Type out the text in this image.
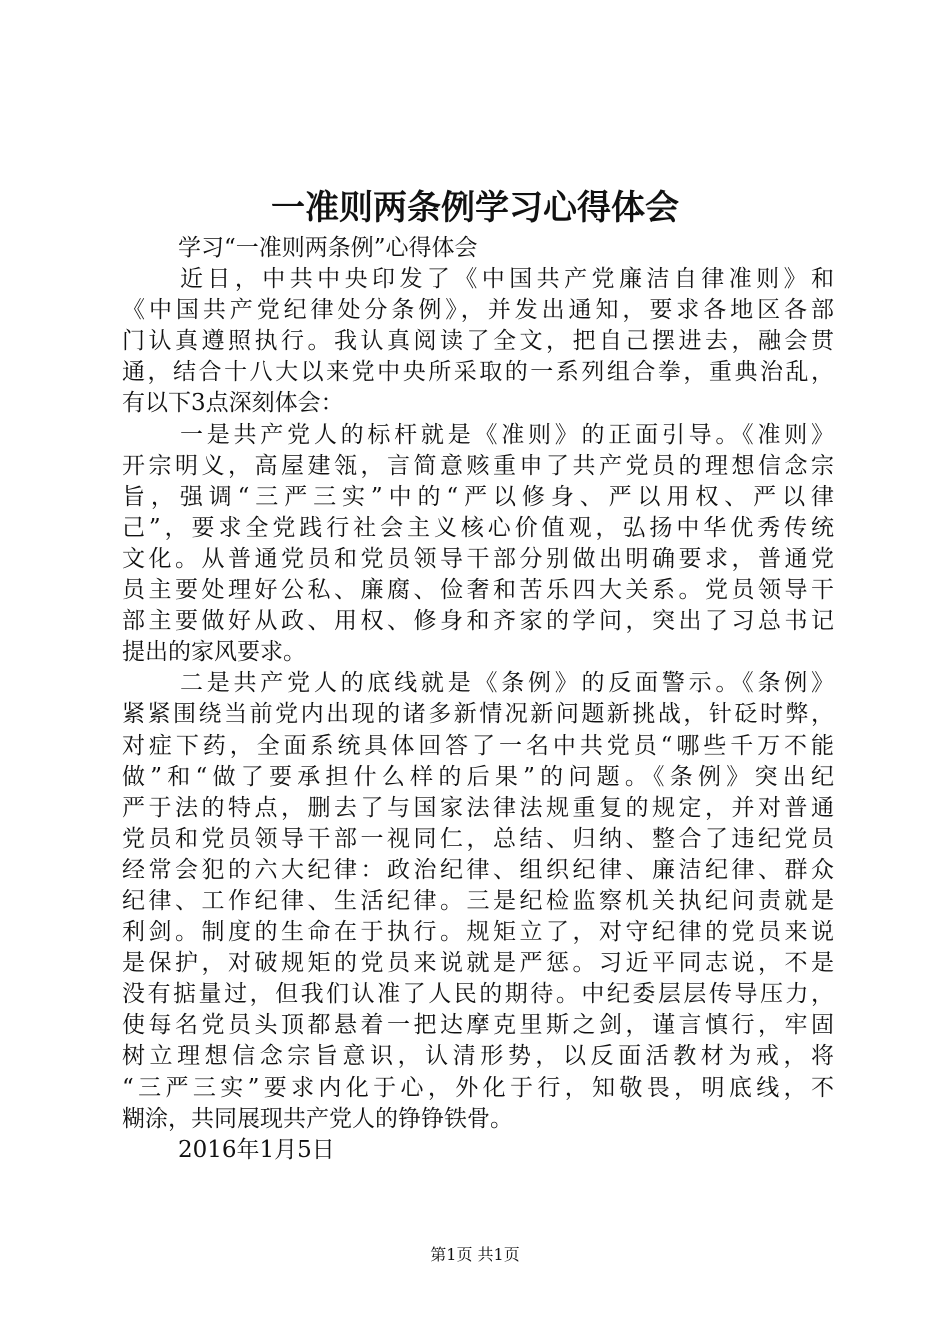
一准则两条例学习心得体会
学习“一准则两条例”心得体会
近日，中共中央印发了《中国共产党廉洁自律准则》和
《中国共产党纪律处分条例》，并发出通知，要求各地区各部
门认真遵照执行。我认真阅读了全文，把自己摆进去，融会贯
通，结合十八大以来党中央所采取的一系列组合拳，重典治乱，
有以下3点深刻体会：
一是共产党人的标杆就是《准则》的正面引导。《准则》
开宗明义，高屋建瓴，言简意赅重申了共产党员的理想信念宗
旨，强调“三严三实”中的“严以修身、严以用权、严以律
己”，要求全党践行社会主义核心价值观，弘扬中华优秀传统
文化。从普通党员和党员领导干部分别做出明确要求，普通党
员主要处理好公私、廉腐、俭奢和苦乐四大关系。党员领导干
部主要做好从政、用权、修身和齐家的学问，突出了习总书记
提出的家风要求。
二是共产党人的底线就是《条例》的反面警示。《条例》
紧紧围绕当前党内出现的诸多新情况新问题新挑战，针砭时弊，
对症下药，全面系统具体回答了一名中共党员“哪些千万不能
做”和“做了要承担什么样的后果”的问题。《条例》突出纪
严于法的特点，删去了与国家法律法规重复的规定，并对普通
党员和党员领导干部一视同仁，总结、归纳、整合了违纪党员
经常会犯的六大纪律：政治纪律、组织纪律、廉洁纪律、群众
纪律、工作纪律、生活纪律。三是纪检监察机关执纪问责就是
利剑。制度的生命在于执行。规矩立了，对守纪律的党员来说
是保护，对破规矩的党员来说就是严惩。习近平同志说，不是
没有掂量过，但我们认准了人民的期待。中纪委层层传导压力，
使每名党员头顶都悬着一把达摩克里斯之剑，谨言慎行，牢固
树立理想信念宗旨意识，认清形势，以反面活教材为戒，将
“三严三实”要求内化于心，外化于行，知敬畏，明底线，不
糊涂，共同展现共产党人的铮铮铁骨。
2016年1月5日
第1页 共1页
